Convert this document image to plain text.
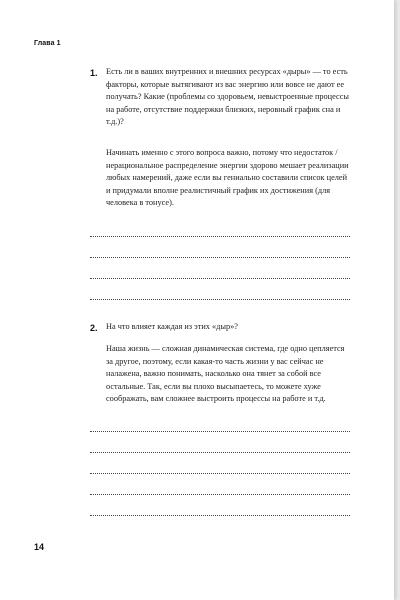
Глава 1
1. Есть ли в ваших внутренних и внешних ресурсах «дыры» — то есть факторы, которые вытягивают из вас энергию или вовсе не дают ее получать? Какие (проблемы со здоровьем, невыстроенные процессы на работе, отсутствие поддержки близких, неровный график сна и т.д.)?
Начинать именно с этого вопроса важно, потому что недостаток / нерациональное распределение энергии здорово мешает реализации любых намерений, даже если вы гениально составили список целей и придумали вполне реалистичный график их достижения (для человека в тонусе).
2. На что влияет каждая из этих «дыр»?
Наша жизнь — сложная динамическая система, где одно цепляется за другое, поэтому, если какая-то часть жизни у вас сейчас не налажена, важно понимать, насколько она тянет за собой все остальные. Так, если вы плохо высыпаетесь, то можете хуже соображать, вам сложнее выстроить процессы на работе и т.д.
14
